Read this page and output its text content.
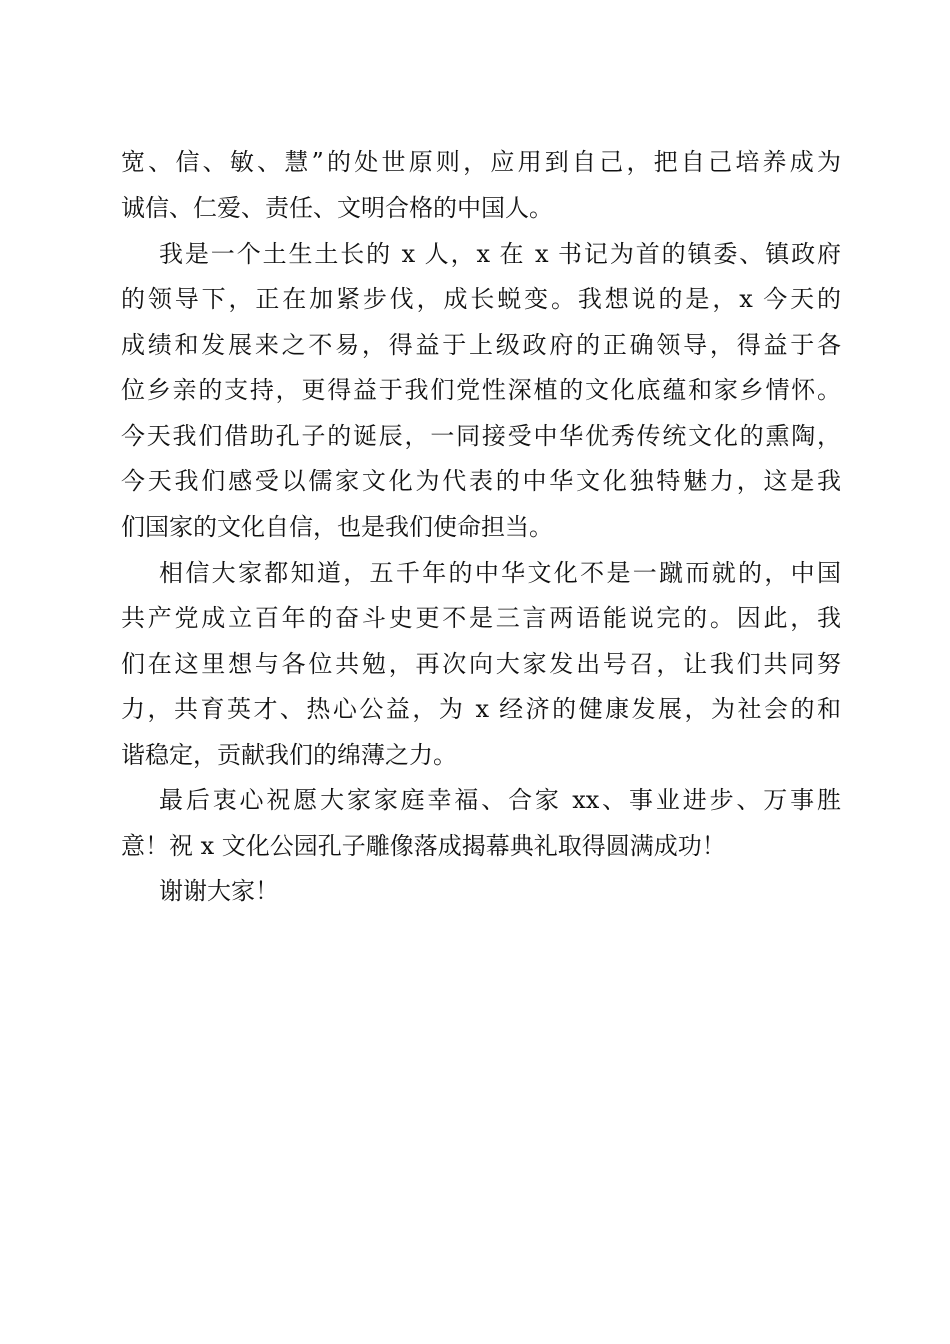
宽、信、敏、慧”的处世原则，应用到自己，把自己培养成为
诚信、仁爱、责任、文明合格的中国人。
我是一个土生土长的 x 人，x 在 x 书记为首的镇委、镇政府
的领导下，正在加紧步伐，成长蜕变。我想说的是，x 今天的
成绩和发展来之不易，得益于上级政府的正确领导，得益于各
位乡亲的支持，更得益于我们党性深植的文化底蕴和家乡情怀。
今天我们借助孔子的诞辰，一同接受中华优秀传统文化的熏陶，
今天我们感受以儒家文化为代表的中华文化独特魅力，这是我
们国家的文化自信，也是我们使命担当。
相信大家都知道，五千年的中华文化不是一蹴而就的，中国
共产党成立百年的奋斗史更不是三言两语能说完的。因此，我
们在这里想与各位共勉，再次向大家发出号召，让我们共同努
力，共育英才、热心公益，为 x 经济的健康发展，为社会的和
谐稳定，贡献我们的绵薄之力。
最后衷心祝愿大家家庭幸福、合家 xx、事业进步、万事胜
意！祝 x 文化公园孔子雕像落成揭幕典礼取得圆满成功！
谢谢大家！
